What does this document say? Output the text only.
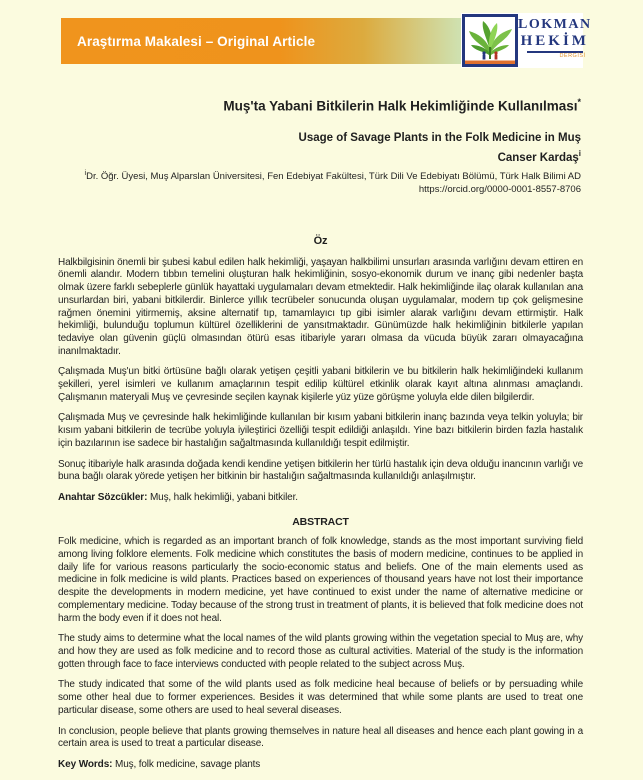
Araştırma Makalesi – Original Article
LOKMAN
HEKİM
DERGİSİ
Muş'ta Yabani Bitkilerin Halk Hekimliğinde Kullanılması*
Usage of Savage Plants in the Folk Medicine in Muş
Canser Kardaş$^i$
$^i$Dr. Öğr. Üyesi, Muş Alparslan Üniversitesi, Fen Edebiyat Fakültesi, Türk Dili Ve Edebiyatı Bölümü, Türk Halk Bilimi AD
https://orcid.org/0000-0001-8557-8706
Öz

Halkbilgisinin önemli bir şubesi kabul edilen halk hekimliği, yaşayan halkbilimi unsurları arasında varlığını devam ettiren en önemli alandır. Modern tıbbın temelini oluşturan halk hekimliğinin, sosyo-ekonomik durum ve inanç gibi nedenler başta olmak üzere farklı sebeplerle günlük hayattaki uygulamaları devam etmektedir. Halk hekimliğinde ilaç olarak kullanılan ana unsurlardan biri, yabani bitkilerdir. Binlerce yıllık tecrübeler sonucunda oluşan uygulamalar, modern tıp çok gelişmesine rağmen önemini yitirmemiş, aksine alternatif tıp, tamamlayıcı tıp gibi isimler alarak varlığını devam ettirmiştir. Halk hekimliği, bulunduğu toplumun kültürel özelliklerini de yansıtmaktadır. Günümüzde halk hekimliğinin bitkilerle yapılan tedaviye olan güvenin güçlü olmasından ötürü esas itibariyle yararı olmasa da vücuda büyük zararı olmayacağına inanılmaktadır.

Çalışmada Muş'un bitki örtüsüne bağlı olarak yetişen çeşitli yabani bitkilerin ve bu bitkilerin halk hekimliğindeki kullanım şekilleri, yerel isimleri ve kullanım amaçlarının tespit edilip kültürel etkinlik olarak kayıt altına alınması amaçlandı. Çalışmanın materyali Muş ve çevresinde seçilen kaynak kişilerle yüz yüze görüşme yoluyla elde dilen bilgilerdir.

Çalışmada Muş ve çevresinde halk hekimliğinde kullanılan bir kısım yabani bitkilerin inanç bazında veya telkin yoluyla; bir kısım yabani bitkilerin de tecrübe yoluyla iyileştirici özelliği tespit edildiği anlaşıldı. Yine bazı bitkilerin birden fazla hastalık için bazılarının ise sadece bir hastalığın sağaltmasında kullanıldığı tespit edilmiştir.

Sonuç itibariyle halk arasında doğada kendi kendine yetişen bitkilerin her türlü hastalık için deva olduğu inancının varlığı ve buna bağlı olarak yörede yetişen her bitkinin bir hastalığın sağaltmasında kullanıldığı anlaşılmıştır.

Anahtar Sözcükler: Muş, halk hekimliği, yabani bitkiler.

ABSTRACT

Folk medicine, which is regarded as an important branch of folk knowledge, stands as the most important surviving field among living folklore elements. Folk medicine which constitutes the basis of modern medicine, continues to be applied in daily life for various reasons particularly the socio-economic status and beliefs. One of the main elements used as medicine in folk medicine is wild plants. Practices based on experiences of thousand years have not lost their importance despite the developments in modern medicine, yet have continued to exist under the name of alternative medicine or complementary medicine. Today because of the strong trust in treatment of plants, it is believed that folk medicine does not harm the body even if it does not heal.

The study aims to determine what the local names of the wild plants growing within the vegetation special to Muş are, why and how they are used as folk medicine and to record those as cultural activities. Material of the study is the information gotten through face to face interviews conducted with people related to the subject across Muş.

The study indicated that some of the wild plants used as folk medicine heal because of beliefs or by persuading while some other heal due to former experiences. Besides it was determined that while some plants are used to treat one particular disease, some others are used to heal several diseases.

In conclusion, people believe that plants growing themselves in nature heal all diseases and hence each plant gowing in a certain area is used to treat a particular disease.

Key Words: Muş, folk medicine, savage plants
